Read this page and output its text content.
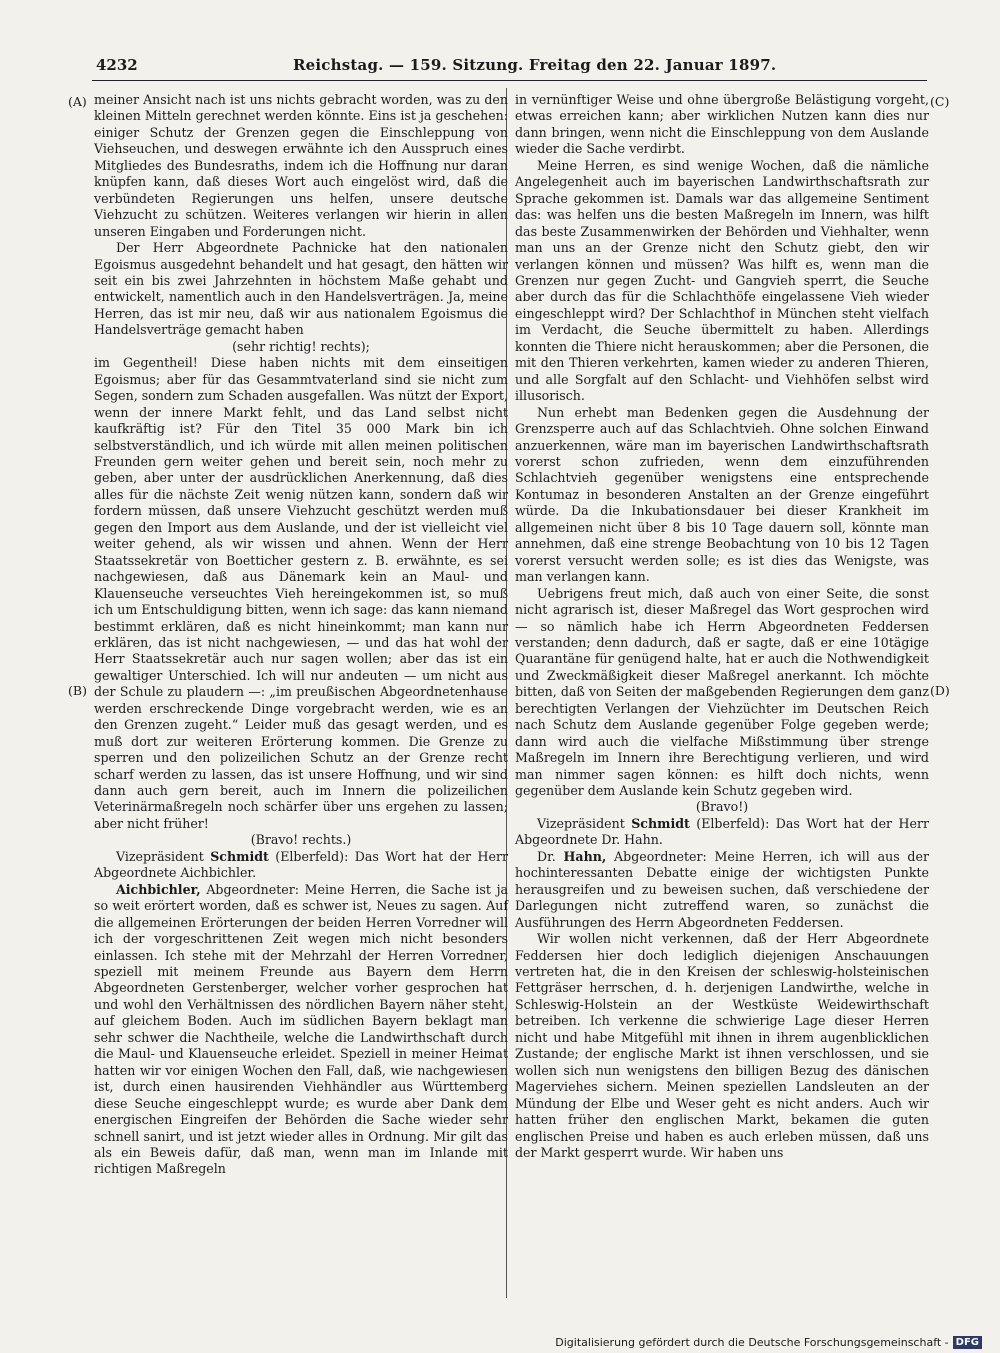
4232	Reichstag. — 159. Sitzung. Freitag den 22. Januar 1897.
(A)
(B)
(C)
(D)

meiner Ansicht nach ist uns nichts gebracht worden, was zu den kleinen Mitteln gerechnet werden könnte. Eins ist ja geschehen: einiger Schutz der Grenzen gegen die Einschleppung von Viehseuchen, und deswegen erwähnte ich den Ausspruch eines Mitgliedes des Bundesraths, indem ich die Hoffnung nur daran knüpfen kann, daß dieses Wort auch eingelöst wird, daß die verbündeten Regierungen uns helfen, unsere deutsche Viehzucht zu schützen. Weiteres verlangen wir hierin in allen unseren Eingaben und Forderungen nicht.

Der Herr Abgeordnete Pachnicke hat den nationalen Egoismus ausgedehnt behandelt und hat gesagt, den hätten wir seit ein bis zwei Jahrzehnten in höchstem Maße gehabt und entwickelt, namentlich auch in den Handelsverträgen. Ja, meine Herren, das ist mir neu, daß wir aus nationalem Egoismus die Handelsverträge gemacht haben

(sehr richtig! rechts);

im Gegentheil! Diese haben nichts mit dem einseitigen Egoismus; aber für das Gesammtvaterland sind sie nicht zum Segen, sondern zum Schaden ausgefallen. Was nützt der Export, wenn der innere Markt fehlt, und das Land selbst nicht kaufkräftig ist? Für den Titel 35 000 Mark bin ich selbstverständlich, und ich würde mit allen meinen politischen Freunden gern weiter gehen und bereit sein, noch mehr zu geben, aber unter der ausdrücklichen Anerkennung, daß dies alles für die nächste Zeit wenig nützen kann, sondern daß wir fordern müssen, daß unsere Viehzucht geschützt werden muß gegen den Import aus dem Auslande, und der ist vielleicht viel weiter gehend, als wir wissen und ahnen. Wenn der Herr Staatssekretär von Boetticher gestern z. B. erwähnte, es sei nachgewiesen, daß aus Dänemark kein an Maul- und Klauenseuche verseuchtes Vieh hereingekommen ist, so muß ich um Entschuldigung bitten, wenn ich sage: das kann niemand bestimmt erklären, daß es nicht hineinkommt; man kann nur erklären, das ist nicht nachgewiesen, — und das hat wohl der Herr Staatssekretär auch nur sagen wollen; aber das ist ein gewaltiger Unterschied. Ich will nur andeuten — um nicht aus der Schule zu plaudern —: „im preußischen Abgeordnetenhause werden erschreckende Dinge vorgebracht werden, wie es an den Grenzen zugeht.“ Leider muß das gesagt werden, und es muß dort zur weiteren Erörterung kommen. Die Grenze zu sperren und den polizeilichen Schutz an der Grenze recht scharf werden zu lassen, das ist unsere Hoffnung, und wir sind dann auch gern bereit, auch im Innern die polizeilichen Veterinärmaßregeln noch schärfer über uns ergehen zu lassen; aber nicht früher!

(Bravo! rechts.)

Vizepräsident Schmidt (Elberfeld): Das Wort hat der Herr Abgeordnete Aichbichler.

Aichbichler, Abgeordneter: Meine Herren, die Sache ist ja so weit erörtert worden, daß es schwer ist, Neues zu sagen. Auf die allgemeinen Erörterungen der beiden Herren Vorredner will ich der vorgeschrittenen Zeit wegen mich nicht besonders einlassen. Ich stehe mit der Mehrzahl der Herren Vorredner, speziell mit meinem Freunde aus Bayern dem Herrn Abgeordneten Gerstenberger, welcher vorher gesprochen hat und wohl den Verhältnissen des nördlichen Bayern näher steht, auf gleichem Boden. Auch im südlichen Bayern beklagt man sehr schwer die Nachtheile, welche die Landwirthschaft durch die Maul- und Klauenseuche erleidet. Speziell in meiner Heimat hatten wir vor einigen Wochen den Fall, daß, wie nachgewiesen ist, durch einen hausirenden Viehhändler aus Württemberg diese Seuche eingeschleppt wurde; es wurde aber Dank dem energischen Eingreifen der Behörden die Sache wieder sehr schnell sanirt, und ist jetzt wieder alles in Ordnung. Mir gilt das als ein Beweis dafür, daß man, wenn man im Inlande mit richtigen Maßregeln

in vernünftiger Weise und ohne übergroße Belästigung vorgeht, etwas erreichen kann; aber wirklichen Nutzen kann dies nur dann bringen, wenn nicht die Einschleppung von dem Auslande wieder die Sache verdirbt.

Meine Herren, es sind wenige Wochen, daß die nämliche Angelegenheit auch im bayerischen Landwirthschaftsrath zur Sprache gekommen ist. Damals war das allgemeine Sentiment das: was helfen uns die besten Maßregeln im Innern, was hilft das beste Zusammenwirken der Behörden und Viehhalter, wenn man uns an der Grenze nicht den Schutz giebt, den wir verlangen können und müssen? Was hilft es, wenn man die Grenzen nur gegen Zucht- und Gangvieh sperrt, die Seuche aber durch das für die Schlachthöfe eingelassene Vieh wieder eingeschleppt wird? Der Schlachthof in München steht vielfach im Verdacht, die Seuche übermittelt zu haben. Allerdings konnten die Thiere nicht herauskommen; aber die Personen, die mit den Thieren verkehrten, kamen wieder zu anderen Thieren, und alle Sorgfalt auf den Schlacht- und Viehhöfen selbst wird illusorisch.

Nun erhebt man Bedenken gegen die Ausdehnung der Grenzsperre auch auf das Schlachtvieh. Ohne solchen Einwand anzuerkennen, wäre man im bayerischen Landwirthschaftsrath vorerst schon zufrieden, wenn dem einzuführenden Schlachtvieh gegenüber wenigstens eine entsprechende Kontumaz in besonderen Anstalten an der Grenze eingeführt würde. Da die Inkubationsdauer bei dieser Krankheit im allgemeinen nicht über 8 bis 10 Tage dauern soll, könnte man annehmen, daß eine strenge Beobachtung von 10 bis 12 Tagen vorerst versucht werden solle; es ist dies das Wenigste, was man verlangen kann.

Uebrigens freut mich, daß auch von einer Seite, die sonst nicht agrarisch ist, dieser Maßregel das Wort gesprochen wird — so nämlich habe ich Herrn Abgeordneten Feddersen verstanden; denn dadurch, daß er sagte, daß er eine 10tägige Quarantäne für genügend halte, hat er auch die Nothwendigkeit und Zweckmäßigkeit dieser Maßregel anerkannt. Ich möchte bitten, daß von Seiten der maßgebenden Regierungen dem ganz berechtigten Verlangen der Viehzüchter im Deutschen Reich nach Schutz dem Auslande gegenüber Folge gegeben werde; dann wird auch die vielfache Mißstimmung über strenge Maßregeln im Innern ihre Berechtigung verlieren, und wird man nimmer sagen können: es hilft doch nichts, wenn gegenüber dem Auslande kein Schutz gegeben wird.

(Bravo!)

Vizepräsident Schmidt (Elberfeld): Das Wort hat der Herr Abgeordnete Dr. Hahn.

Dr. Hahn, Abgeordneter: Meine Herren, ich will aus der hochinteressanten Debatte einige der wichtigsten Punkte herausgreifen und zu beweisen suchen, daß verschiedene der Darlegungen nicht zutreffend waren, so zunächst die Ausführungen des Herrn Abgeordneten Feddersen.

Wir wollen nicht verkennen, daß der Herr Abgeordnete Feddersen hier doch lediglich diejenigen Anschauungen vertreten hat, die in den Kreisen der schleswig-holsteinischen Fettgräser herrschen, d. h. derjenigen Landwirthe, welche in Schleswig-Holstein an der Westküste Weidewirthschaft betreiben. Ich verkenne die schwierige Lage dieser Herren nicht und habe Mitgefühl mit ihnen in ihrem augenblicklichen Zustande; der englische Markt ist ihnen verschlossen, und sie wollen sich nun wenigstens den billigen Bezug des dänischen Magerviehes sichern. Meinen speziellen Landsleuten an der Mündung der Elbe und Weser geht es nicht anders. Auch wir hatten früher den englischen Markt, bekamen die guten englischen Preise und haben es auch erleben müssen, daß uns der Markt gesperrt wurde. Wir haben uns

Digitalisierung gefördert durch die Deutsche Forschungsgemeinschaft - DFG
